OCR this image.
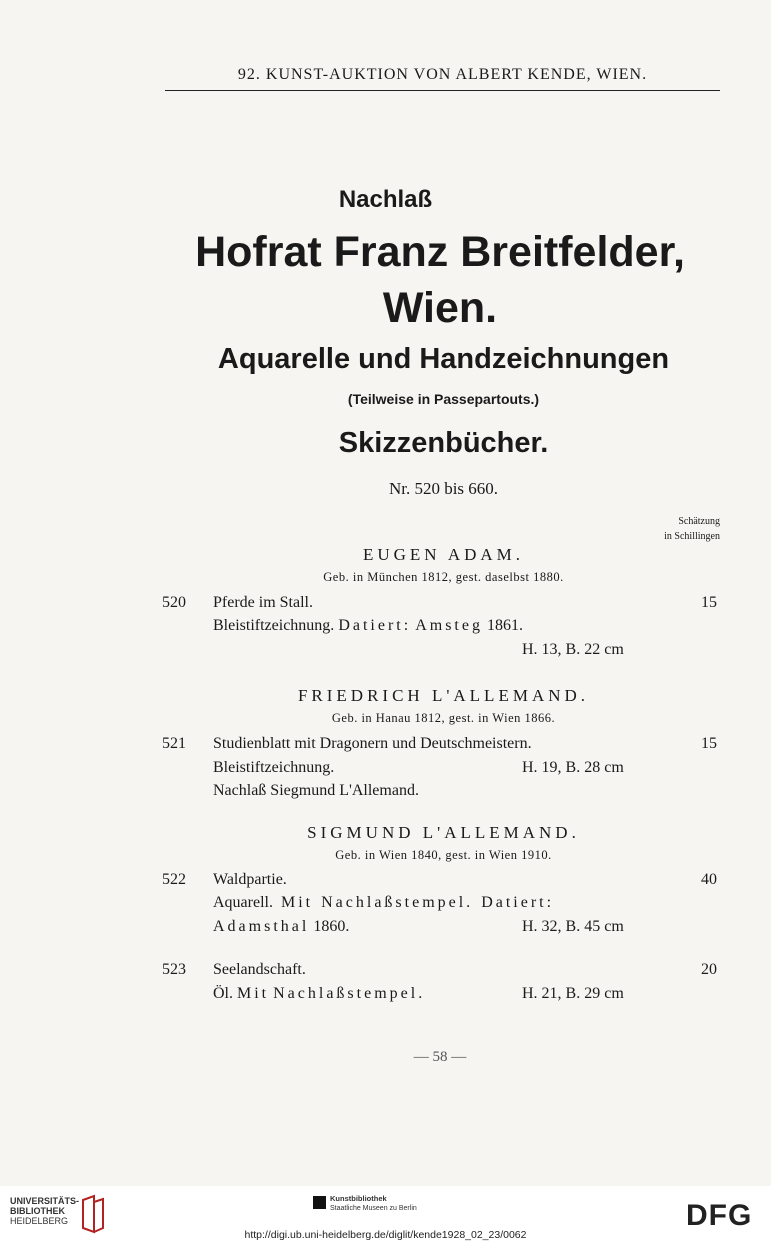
92. KUNST-AUKTION VON ALBERT KENDE, WIEN.
Nachlaß
Hofrat Franz Breitfelder,
Wien.
Aquarelle und Handzeichnungen
(Teilweise in Passepartouts.)
Skizzenbücher.
Nr. 520 bis 660.
Schätzung
in Schillingen
EUGEN ADAM.
Geb. in München 1812, gest. daselbst 1880.
520 Pferde im Stall.	15
Bleistiftzeichnung. Datiert: Amsteg 1861.
H. 13, B. 22 cm
FRIEDRICH L'ALLEMAND.
Geb. in Hanau 1812, gest. in Wien 1866.
521 Studienblatt mit Dragonern und Deutschmeistern.	15
Bleistiftzeichnung.	H. 19, B. 28 cm
Nachlaß Siegmund L'Allemand.
SIGMUND L'ALLEMAND.
Geb. in Wien 1840, gest. in Wien 1910.
522 Waldpartie.	40
Aquarell. Mit Nachlaßstempel. Datiert:
Adamsthal 1860.	H. 32, B. 45 cm
523 Seelandschaft.	20
Öl. Mit Nachlaßstempel.	H. 21, B. 29 cm
— 58 —
UNIVERSITÄTS-
BIBLIOTHEK
HEIDELBERG
Kunstbibliothek
Staatliche Museen zu Berlin	DFG
http://digi.ub.uni-heidelberg.de/diglit/kende1928_02_23/0062
